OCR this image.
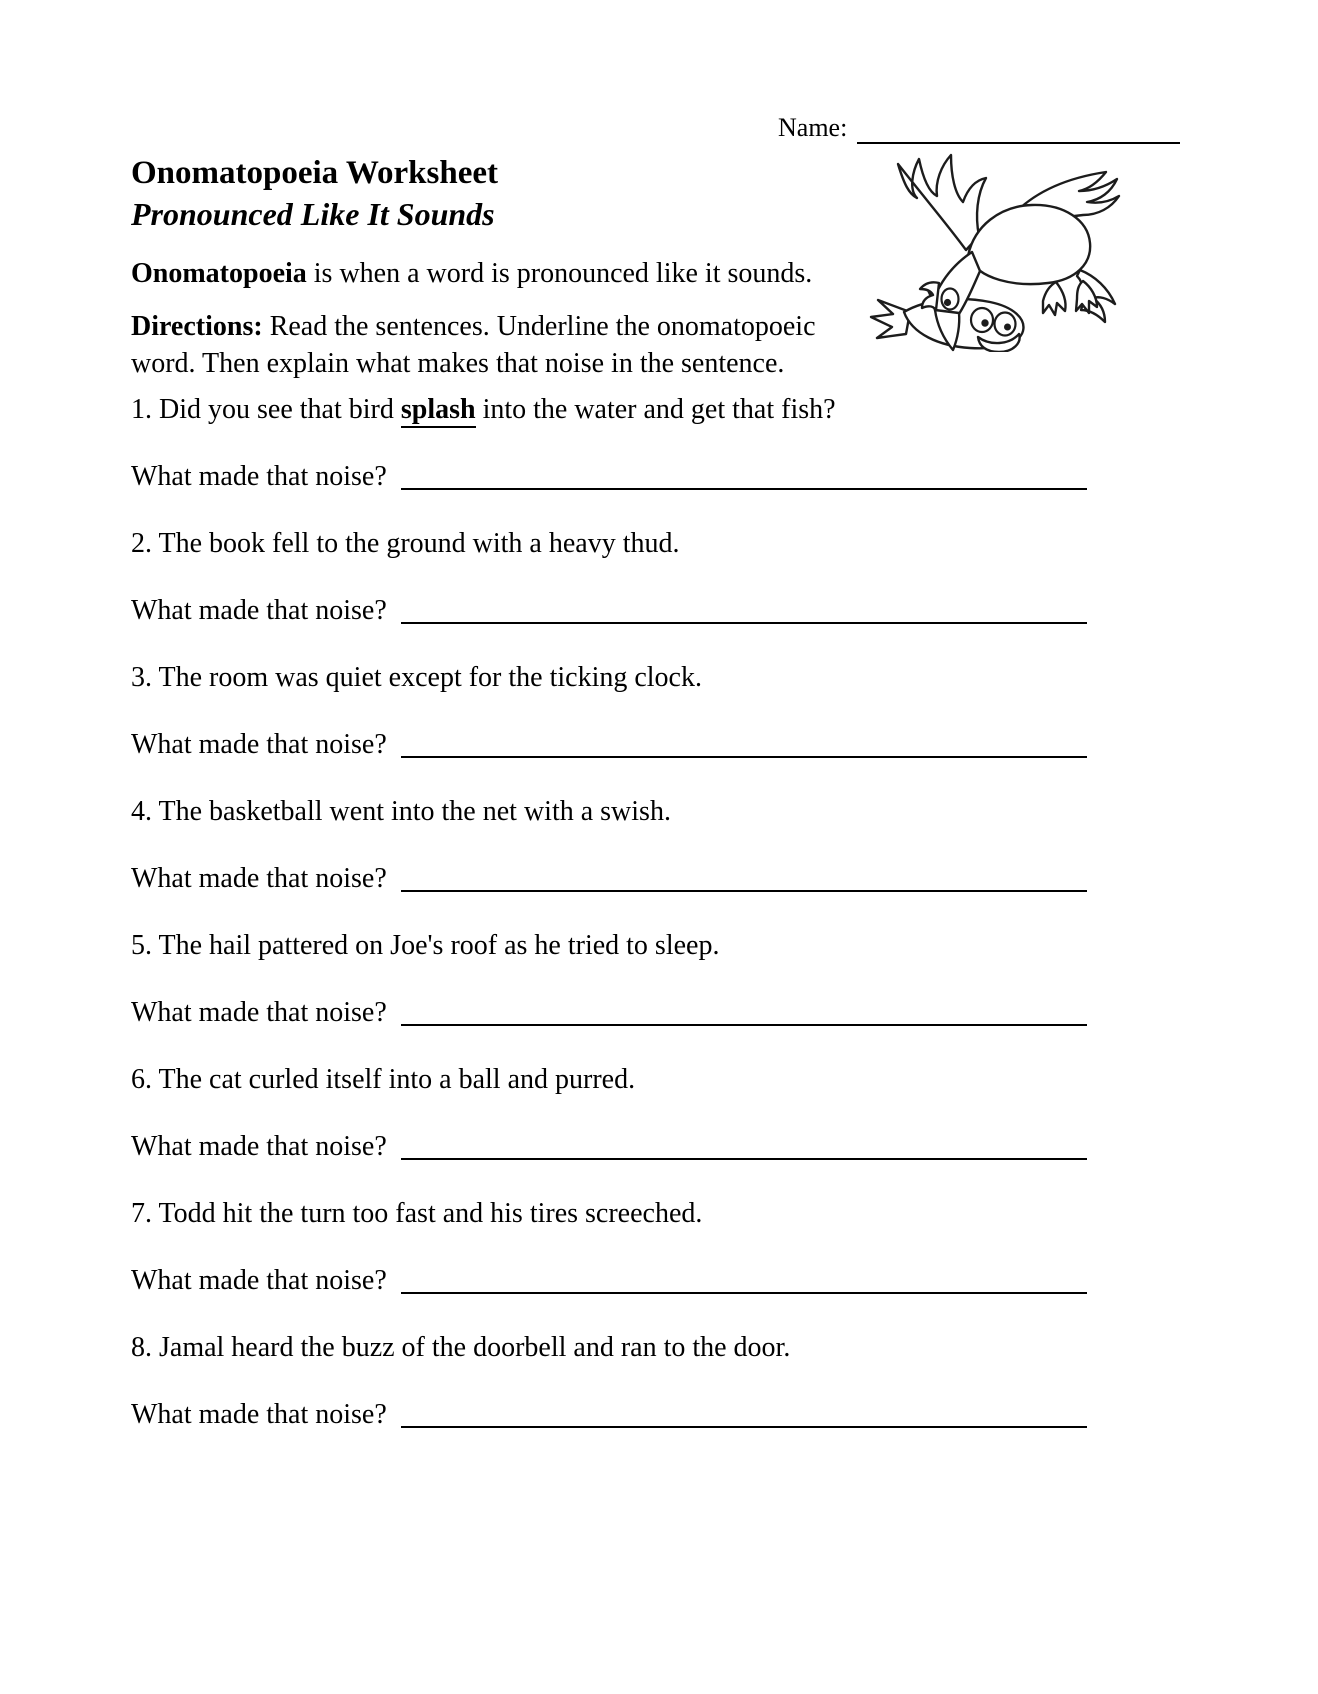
Name:
Onomatopoeia Worksheet
Pronounced Like It Sounds
Onomatopoeia is when a word is pronounced like it sounds.
Directions: Read the sentences. Underline the onomatopoeic
word. Then explain what makes that noise in the sentence.

1. Did you see that bird splash into the water and get that fish?

What made that noise?

2. The book fell to the ground with a heavy thud.

What made that noise?

3. The room was quiet except for the ticking clock.

What made that noise?

4. The basketball went into the net with a swish.

What made that noise?

5. The hail pattered on Joe's roof as he tried to sleep.

What made that noise?

6. The cat curled itself into a ball and purred.

What made that noise?

7. Todd hit the turn too fast and his tires screeched.

What made that noise?

8. Jamal heard the buzz of the doorbell and ran to the door.

What made that noise?
